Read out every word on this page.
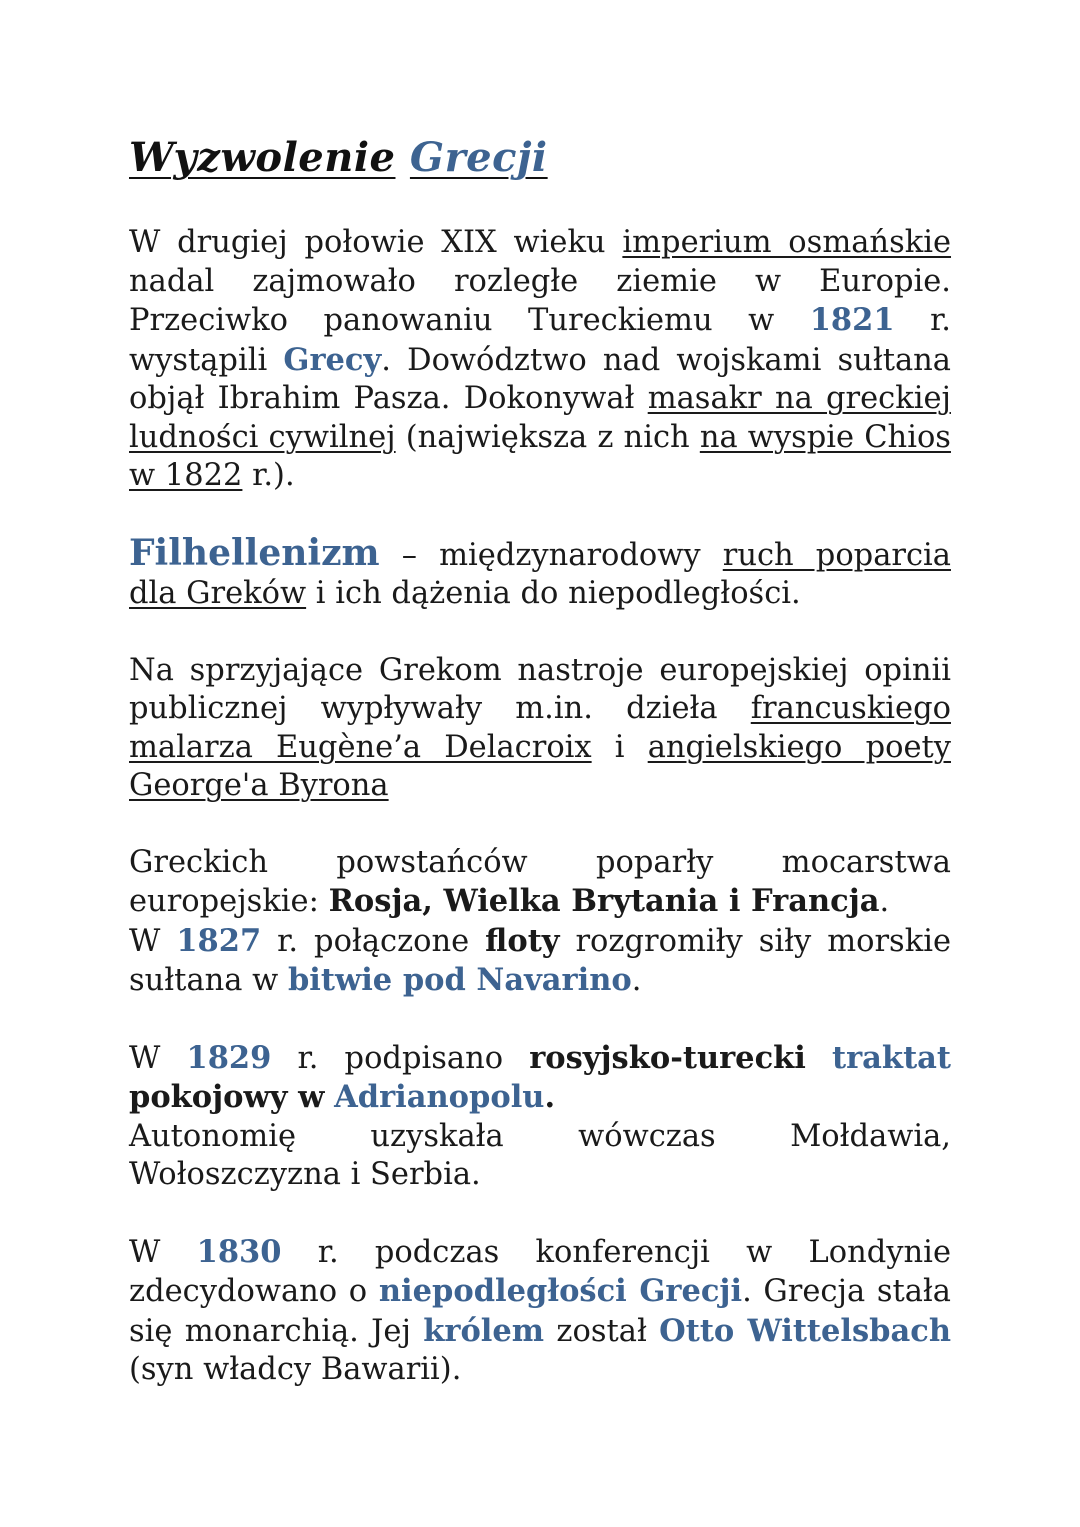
Wyzwolenie Grecji

W drugiej połowie XIX wieku imperium osmańskie nadal zajmowało rozległe ziemie w Europie. Przeciwko panowaniu Tureckiemu w 1821 r. wystąpili Grecy. Dowództwo nad wojskami sułtana objął Ibrahim Pasza. Dokonywał masakr na greckiej ludności cywilnej (największa z nich na wyspie Chios w 1822 r.).

Filhellenizm – międzynarodowy ruch poparcia dla Greków i ich dążenia do niepodległości.

Na sprzyjające Grekom nastroje europejskiej opinii publicznej wypływały m.in. dzieła francuskiego malarza Eugène’a Delacroix i angielskiego poety George'a Byrona

Greckich powstańców poparły mocarstwa europejskie: Rosja, Wielka Brytania i Francja.

W 1827 r. połączone floty rozgromiły siły morskie sułtana w bitwie pod Navarino.

W 1829 r. podpisano rosyjsko-turecki traktat pokojowy w Adrianopolu.

Autonomię uzyskała wówczas Mołdawia, Wołoszczyzna i Serbia.

W 1830 r. podczas konferencji w Londynie zdecydowano o niepodległości Grecji. Grecja stała się monarchią. Jej królem został Otto Wittelsbach (syn władcy Bawarii).
